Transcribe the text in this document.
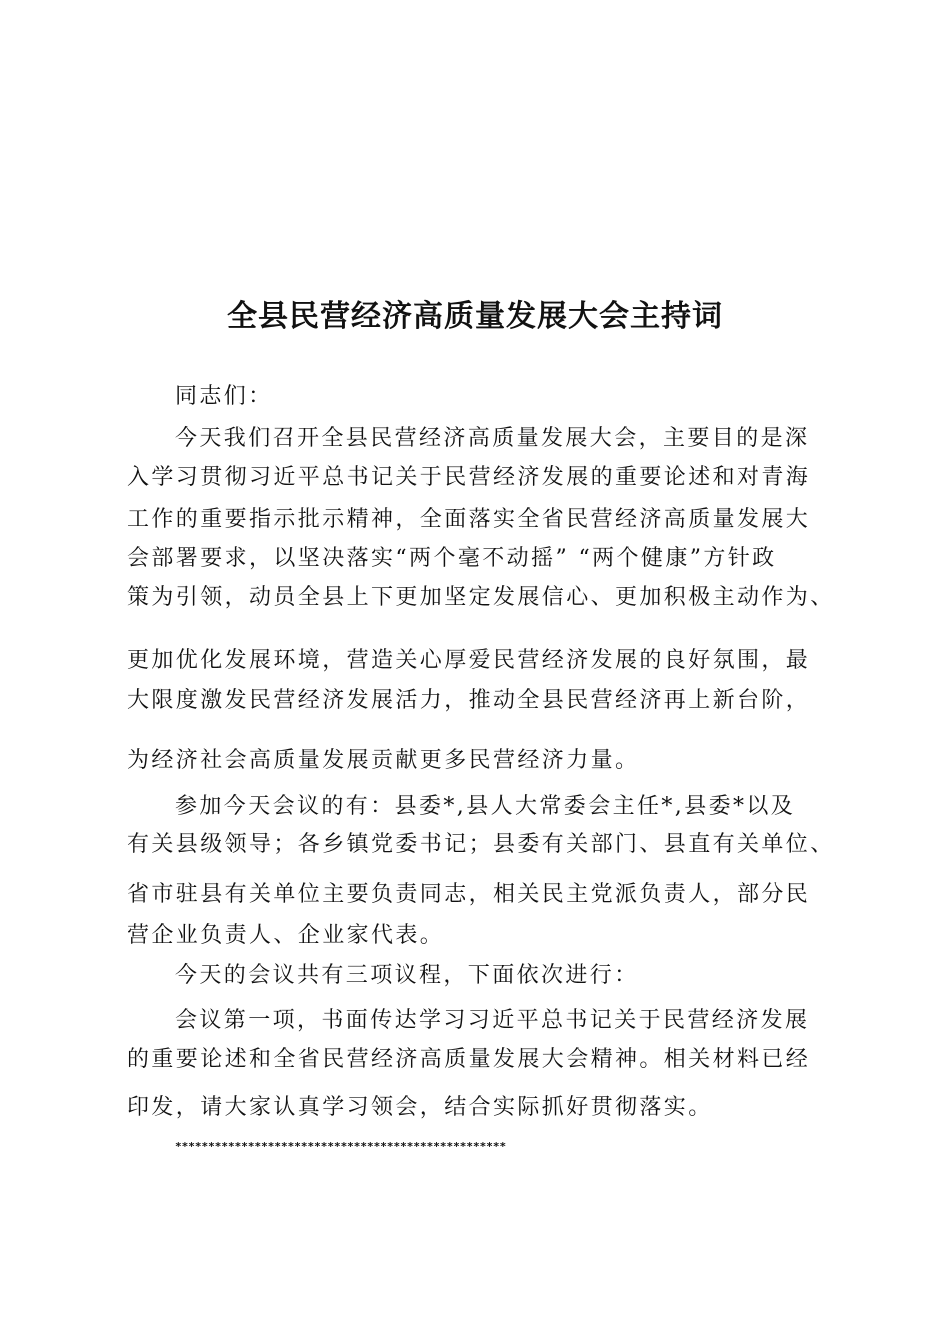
全县民营经济高质量发展大会主持词

同志们：

今天我们召开全县民营经济高质量发展大会，主要目的是深

入学习贯彻习近平总书记关于民营经济发展的重要论述和对青海

工作的重要指示批示精神，全面落实全省民营经济高质量发展大

会部署要求，以坚决落实“两个毫不动摇” “两个健康”方针政

策为引领，动员全县上下更加坚定发展信心、更加积极主动作为、

更加优化发展环境，营造关心厚爱民营经济发展的良好氛围，最

大限度激发民营经济发展活力，推动全县民营经济再上新台阶，

为经济社会高质量发展贡献更多民营经济力量。

参加今天会议的有：县委*,县人大常委会主任*,县委*以及

有关县级领导；各乡镇党委书记；县委有关部门、县直有关单位、

省市驻县有关单位主要负责同志，相关民主党派负责人，部分民

营企业负责人、企业家代表。

今天的会议共有三项议程，下面依次进行：

会议第一项，书面传达学习习近平总书记关于民营经济发展

的重要论述和全省民营经济高质量发展大会精神。相关材料已经

印发，请大家认真学习领会，结合实际抓好贯彻落实。

**************************************************
